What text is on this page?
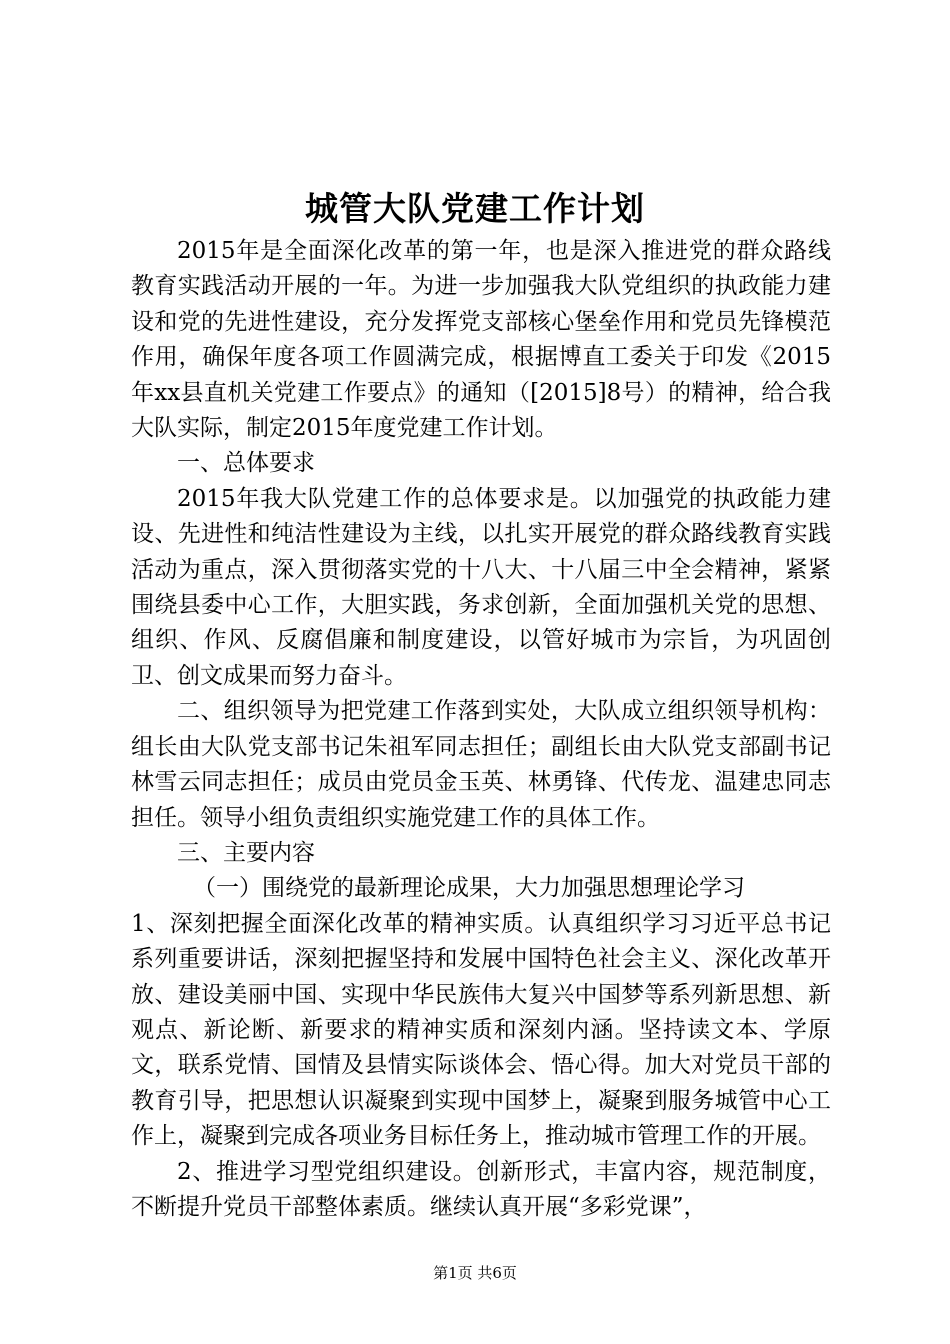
城管大队党建工作计划

2015年是全面深化改革的第一年，也是深入推进党的群众路线教育实践活动开展的一年。为进一步加强我大队党组织的执政能力建设和党的先进性建设，充分发挥党支部核心堡垒作用和党员先锋模范作用，确保年度各项工作圆满完成，根据博直工委关于印发《2015年xx县直机关党建工作要点》的通知（[2015]8号）的精神，给合我大队实际，制定2015年度党建工作计划。

一、总体要求

2015年我大队党建工作的总体要求是。以加强党的执政能力建设、先进性和纯洁性建设为主线，以扎实开展党的群众路线教育实践活动为重点，深入贯彻落实党的十八大、十八届三中全会精神，紧紧围绕县委中心工作，大胆实践，务求创新，全面加强机关党的思想、组织、作风、反腐倡廉和制度建设，以管好城市为宗旨，为巩固创卫、创文成果而努力奋斗。

二、组织领导为把党建工作落到实处，大队成立组织领导机构：组长由大队党支部书记朱祖军同志担任；副组长由大队党支部副书记林雪云同志担任；成员由党员金玉英、林勇锋、代传龙、温建忠同志担任。领导小组负责组织实施党建工作的具体工作。

三、主要内容

（一）围绕党的最新理论成果，大力加强思想理论学习

1、深刻把握全面深化改革的精神实质。认真组织学习习近平总书记系列重要讲话，深刻把握坚持和发展中国特色社会主义、深化改革开放、建设美丽中国、实现中华民族伟大复兴中国梦等系列新思想、新观点、新论断、新要求的精神实质和深刻内涵。坚持读文本、学原文，联系党情、国情及县情实际谈体会、悟心得。加大对党员干部的教育引导，把思想认识凝聚到实现中国梦上，凝聚到服务城管中心工作上，凝聚到完成各项业务目标任务上，推动城市管理工作的开展。

2、推进学习型党组织建设。创新形式，丰富内容，规范制度，不断提升党员干部整体素质。继续认真开展“多彩党课”，

第1页 共6页
